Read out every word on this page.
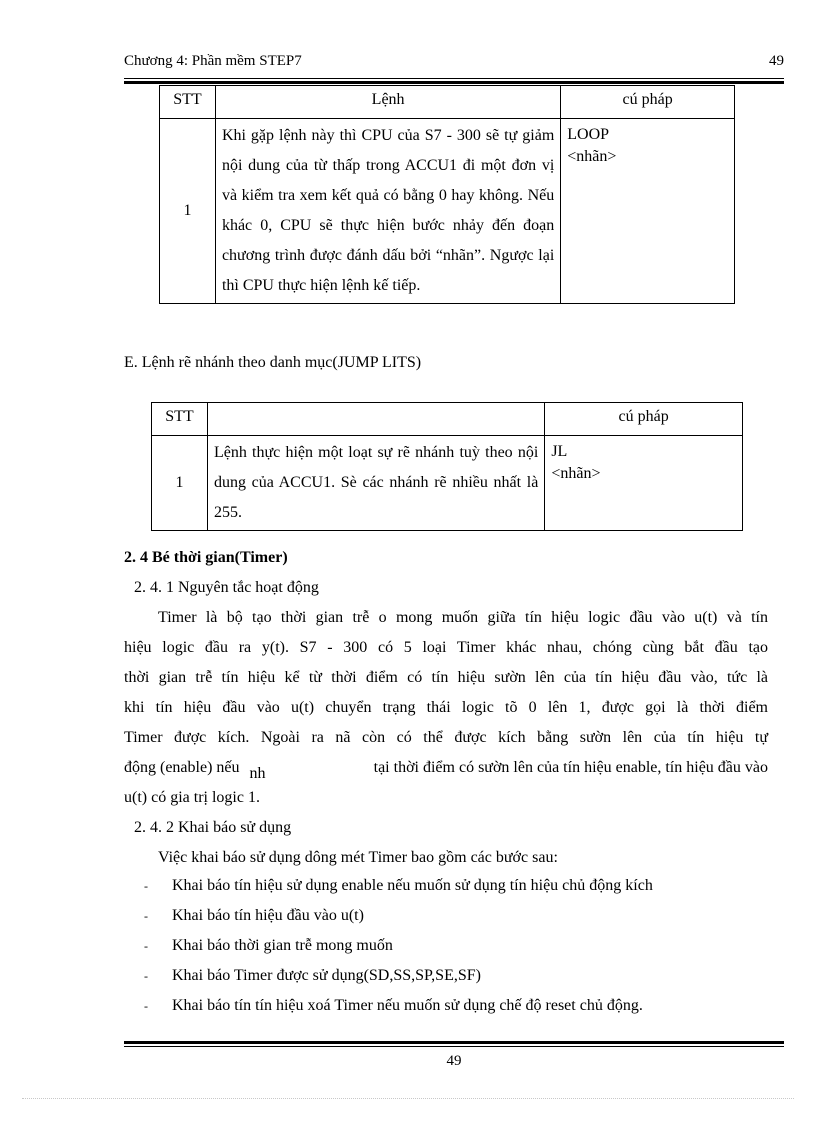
Chương 4: Phần mềm STEP7	49
STT	Lệnh	cú pháp
1	Khi gặp lệnh này thì CPU của S7 - 300 sẽ tự giảm nội dung của từ thấp trong ACCU1 đi một đơn vị và kiểm tra xem kết quả có bằng 0 hay không. Nếu khác 0, CPU sẽ thực hiện bước nhảy đến đoạn chương trình được đánh dấu bởi “nhãn”. Ngược lại thì CPU thực hiện lệnh kế tiếp.	LOOP
<nhãn>
E. Lệnh rẽ nhánh theo danh mục(JUMP LITS)
STT		cú pháp
1	Lệnh thực hiện một loạt sự rẽ nhánh tuỳ theo nội dung của ACCU1. Sè các nhánh rẽ nhiều nhất là 255.	JL
<nhãn>
2. 4 Bé thời gian(Timer)
2. 4. 1 Nguyên tắc hoạt động
Timer là bộ tạo thời gian trễ o mong muốn giữa tín hiệu logic đầu vào u(t) và tín
hiệu logic đầu ra y(t). S7 - 300 có 5 loại Timer khác nhau, chóng cùng bắt đầu tạo
thời gian trễ tín hiệu kể từ thời điểm có tín hiệu sườn lên của tín hiệu đầu vào, tức là
khi tín hiệu đầu vào u(t) chuyển trạng thái logic tõ 0 lên 1, được gọi là thời điểm
Timer được kích. Ngoài ra nã còn có thể được kích bằng sườn lên của tín hiệu tự
động (enable) nếu nh	tại thời điểm có sườn lên của tín hiệu enable, tín hiệu đầu vào
u(t) có gia trị logic 1.
2. 4. 2 Khai báo sử dụng
Việc khai báo sử dụng dông mét Timer bao gồm các bước sau:
-	Khai báo tín hiệu sử dụng enable nếu muốn sử dụng tín hiệu chủ động kích
-	Khai báo tín hiệu đầu vào u(t)
-	Khai báo thời gian trễ mong muốn
-	Khai báo Timer được sử dụng(SD,SS,SP,SE,SF)
-	Khai báo tín tín hiệu xoá Timer nếu muốn sử dụng chế độ reset chủ động.
49
